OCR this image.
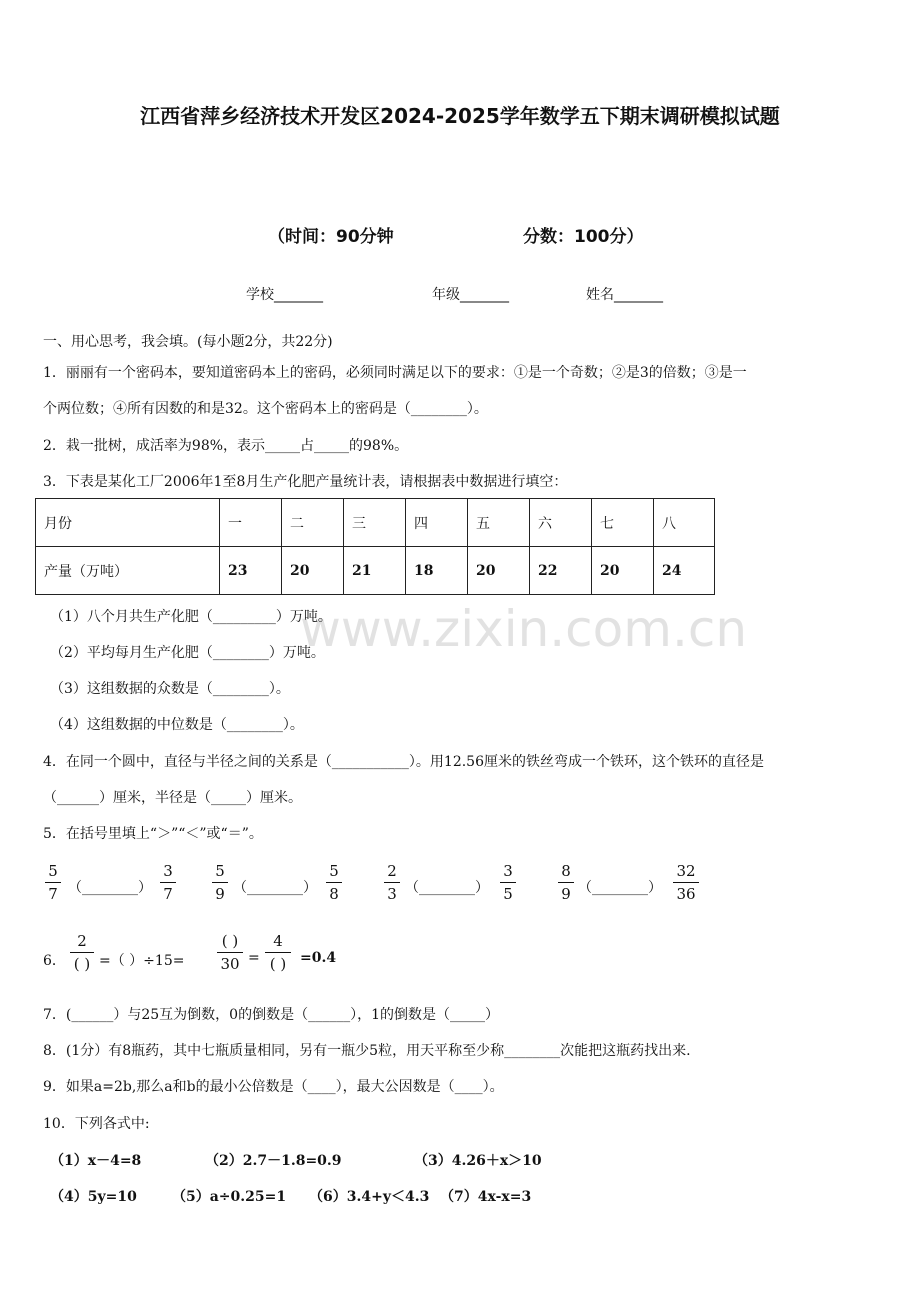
www.zixin.com.cn
江西省萍乡经济技术开发区2024-2025学年数学五下期末调研模拟试题
（时间：90分钟	分数：100分）
学校_______	年级_______	姓名_______
一、用心思考，我会填。(每小题2分，共22分)
1．丽丽有一个密码本，要知道密码本上的密码，必须同时满足以下的要求：①是一个奇数；②是3的倍数；③是一
个两位数；④所有因数的和是32。这个密码本上的密码是（________）。
2．栽一批树，成活率为98%，表示_____占_____的98%。
3．下表是某化工厂2006年1至8月生产化肥产量统计表，请根据表中数据进行填空：
月份	一	二	三	四	五	六	七	八
产量（万吨）	23	20	21	18	20	22	20	24
（1）八个月共生产化肥（_________）万吨。
（2）平均每月生产化肥（________）万吨。
（3）这组数据的众数是（________）。
（4）这组数据的中位数是（________）。
4．在同一个圆中，直径与半径之间的关系是（___________）。用12.56厘米的铁丝弯成一个铁环，这个铁环的直径是
（______）厘米，半径是（_____）厘米。
5．在括号里填上“＞”“＜”或“＝”。
$\frac{5}{7}$ （________） $\frac{3}{7} \frac{5}{9}$ （________） $\frac{5}{8}$	$\frac{2}{3}$ （________） $\frac{3}{5}$	$\frac{8}{9}$ （________） $\frac{32}{36}$
6．
2
( ) =（ ）÷15=
( )
30 =
4
( ) =0.4
7．(______）与25互为倒数，0的倒数是（______），1的倒数是（_____）
8．(1分）有8瓶药，其中七瓶质量相同，另有一瓶少5粒，用天平称至少称________次能把这瓶药找出来.
9．如果a=2b,那么a和b的最小公倍数是（____），最大公因数是（____）。
10．下列各式中:
（1）x－4=8	（2）2.7－1.8=0.9	（3）4.26＋x＞10
（4）5y=10	（5）a÷0.25=1 （6）3.4+y＜4.3 （7）4x-x=3
